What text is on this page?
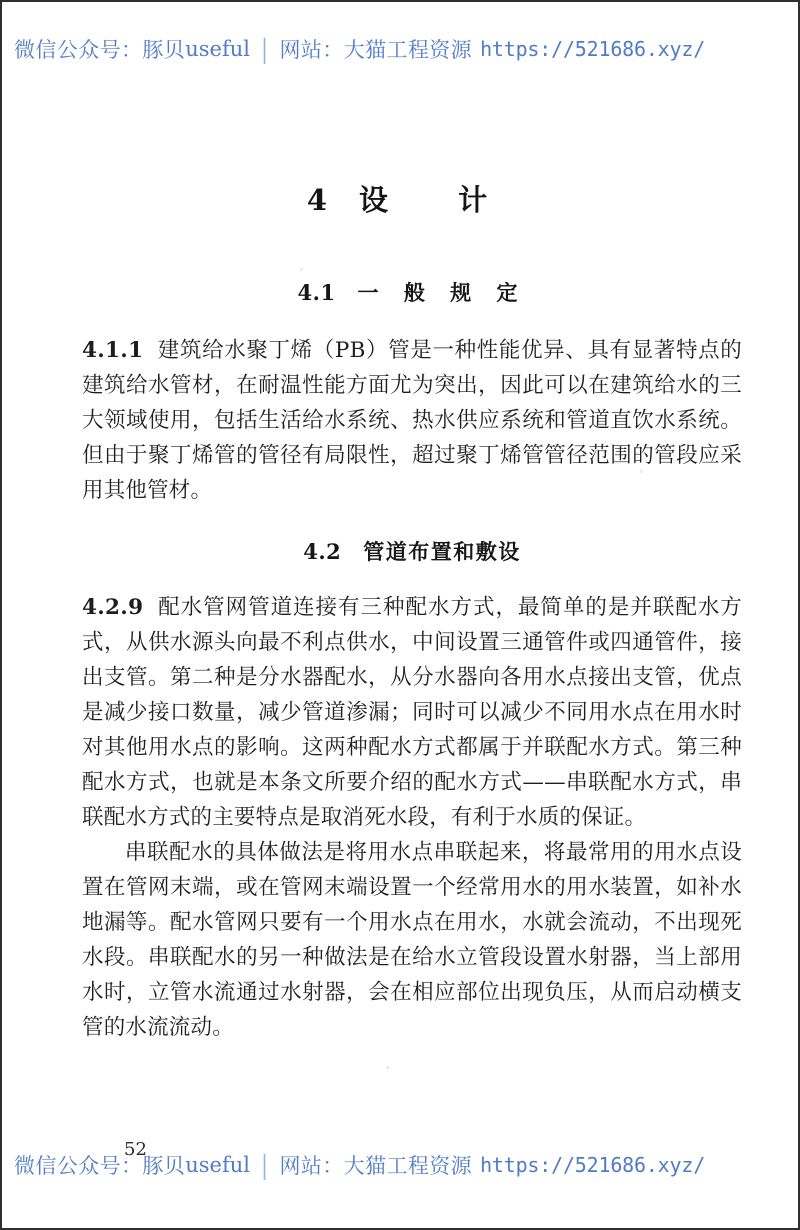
微信公众号： 豚贝 useful | 网站： 大猫工程资源 https://521686.xyz/
4 设 计
4.1 一 般 规 定
4.1.1 建筑给水聚丁烯（PB）管是一种性能优异、具有显著特点的建筑给水管材，在耐温性能方面尤为突出，因此可以在建筑给水的三大领域使用，包括生活给水系统、热水供应系统和管道直饮水系统。但由于聚丁烯管的管径有局限性，超过聚丁烯管管径范围的管段应采用其他管材。
4.2 管道布置和敷设
4.2.9 配水管网管道连接有三种配水方式，最简单的是并联配水方式，从供水源头向最不利点供水，中间设置三通管件或四通管件，接出支管。第二种是分水器配水，从分水器向各用水点接出支管，优点是减少接口数量，减少管道渗漏；同时可以减少不同用水点在用水时对其他用水点的影响。这两种配水方式都属于并联配水方式。第三种配水方式，也就是本条文所要介绍的配水方式——串联配水方式，串联配水方式的主要特点是取消死水段，有利于水质的保证。
串联配水的具体做法是将用水点串联起来，将最常用的用水点设置在管网末端，或在管网末端设置一个经常用水的用水装置，如补水地漏等。配水管网只要有一个用水点在用水，水就会流动，不出现死水段。串联配水的另一种做法是在给水立管段设置水射器，当上部用水时，立管水流通过水射器，会在相应部位出现负压，从而启动横支管的水流流动。
52
微信公众号： 豚贝 useful | 网站： 大猫工程资源 https://521686.xyz/
